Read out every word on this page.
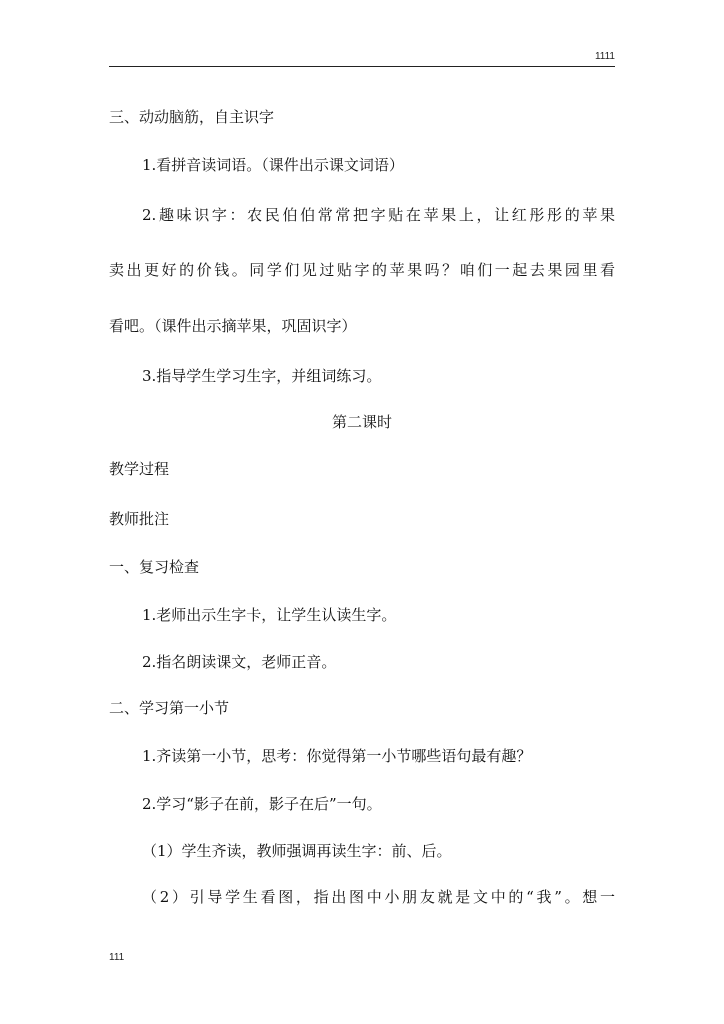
1111
三、动动脑筋，自主识字
1.看拼音读词语。（课件出示课文词语）
2.趣味识字：农民伯伯常常把字贴在苹果上，让红彤彤的苹果
卖出更好的价钱。同学们见过贴字的苹果吗？咱们一起去果园里看
看吧。（课件出示摘苹果，巩固识字）
3.指导学生学习生字，并组词练习。
第二课时
教学过程
教师批注
一、复习检查
1.老师出示生字卡，让学生认读生字。
2.指名朗读课文，老师正音。
二、学习第一小节
1.齐读第一小节，思考：你觉得第一小节哪些语句最有趣？
2.学习“影子在前，影子在后”一句。
（1）学生齐读，教师强调再读生字：前、后。
（2）引导学生看图，指出图中小朋友就是文中的“我”。想一
111
